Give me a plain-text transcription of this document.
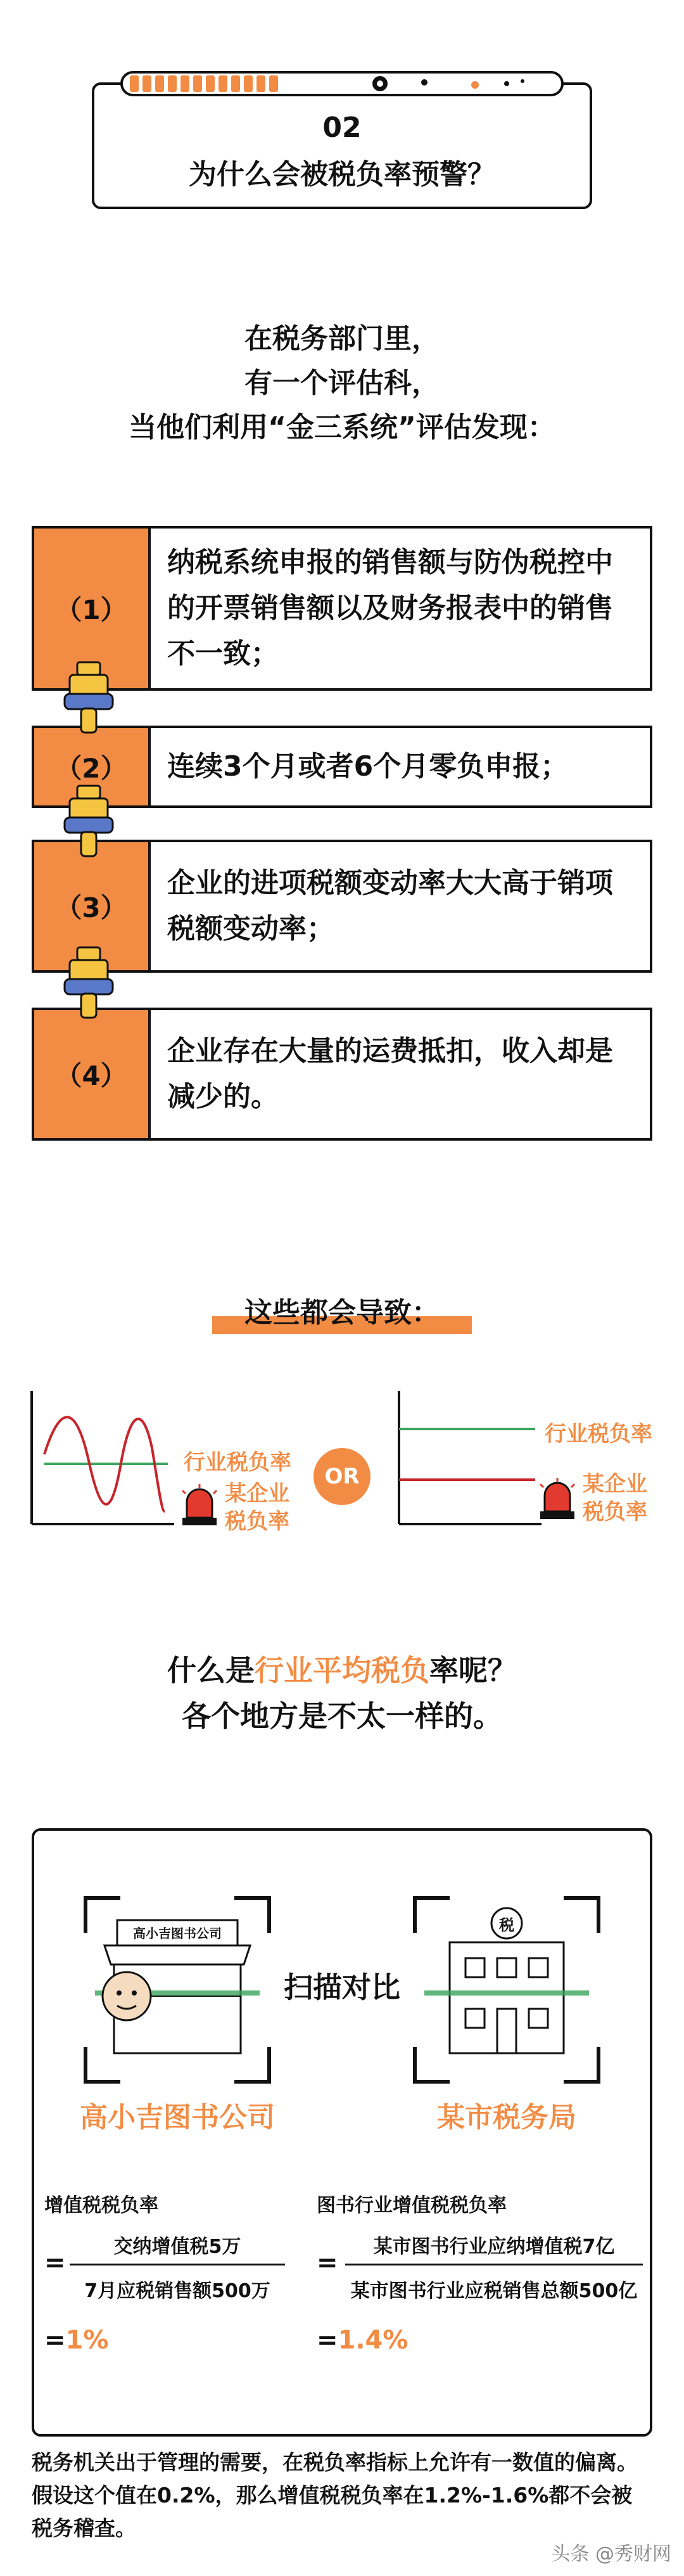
02
为什么会被税负率预警？
在税务部门里，
有一个评估科，
当他们利用“金三系统”评估发现：
（1）
纳税系统申报的销售额与防伪税控中的开票销售额以及财务报表中的销售不一致；
（2）	连续3个月或者6个月零负申报；
（3）
企业的进项税额变动率大大高于销项税额变动率；
（4）
企业存在大量的运费抵扣，收入却是减少的。
这些都会导致：
行业税负率
某企业税负率
OR
行业税负率
某企业税负率
什么是行业平均税负率呢？
各个地方是不太一样的。
高小吉图书公司	税
扫描对比
高小吉图书公司	某市税务局
增值税税负率
=
交纳增值税5万
7月应税销售额500万
=1%
图书行业增值税税负率
=
某市图书行业应纳增值税7亿
某市图书行业应税销售总额500亿
=1.4%
税务机关出于管理的需要，在税负率指标上允许有一数值的偏离。假设这个值在0.2%，那么增值税税负率在1.2%-1.6%都不会被税务稽查。
头条 @秀财网
